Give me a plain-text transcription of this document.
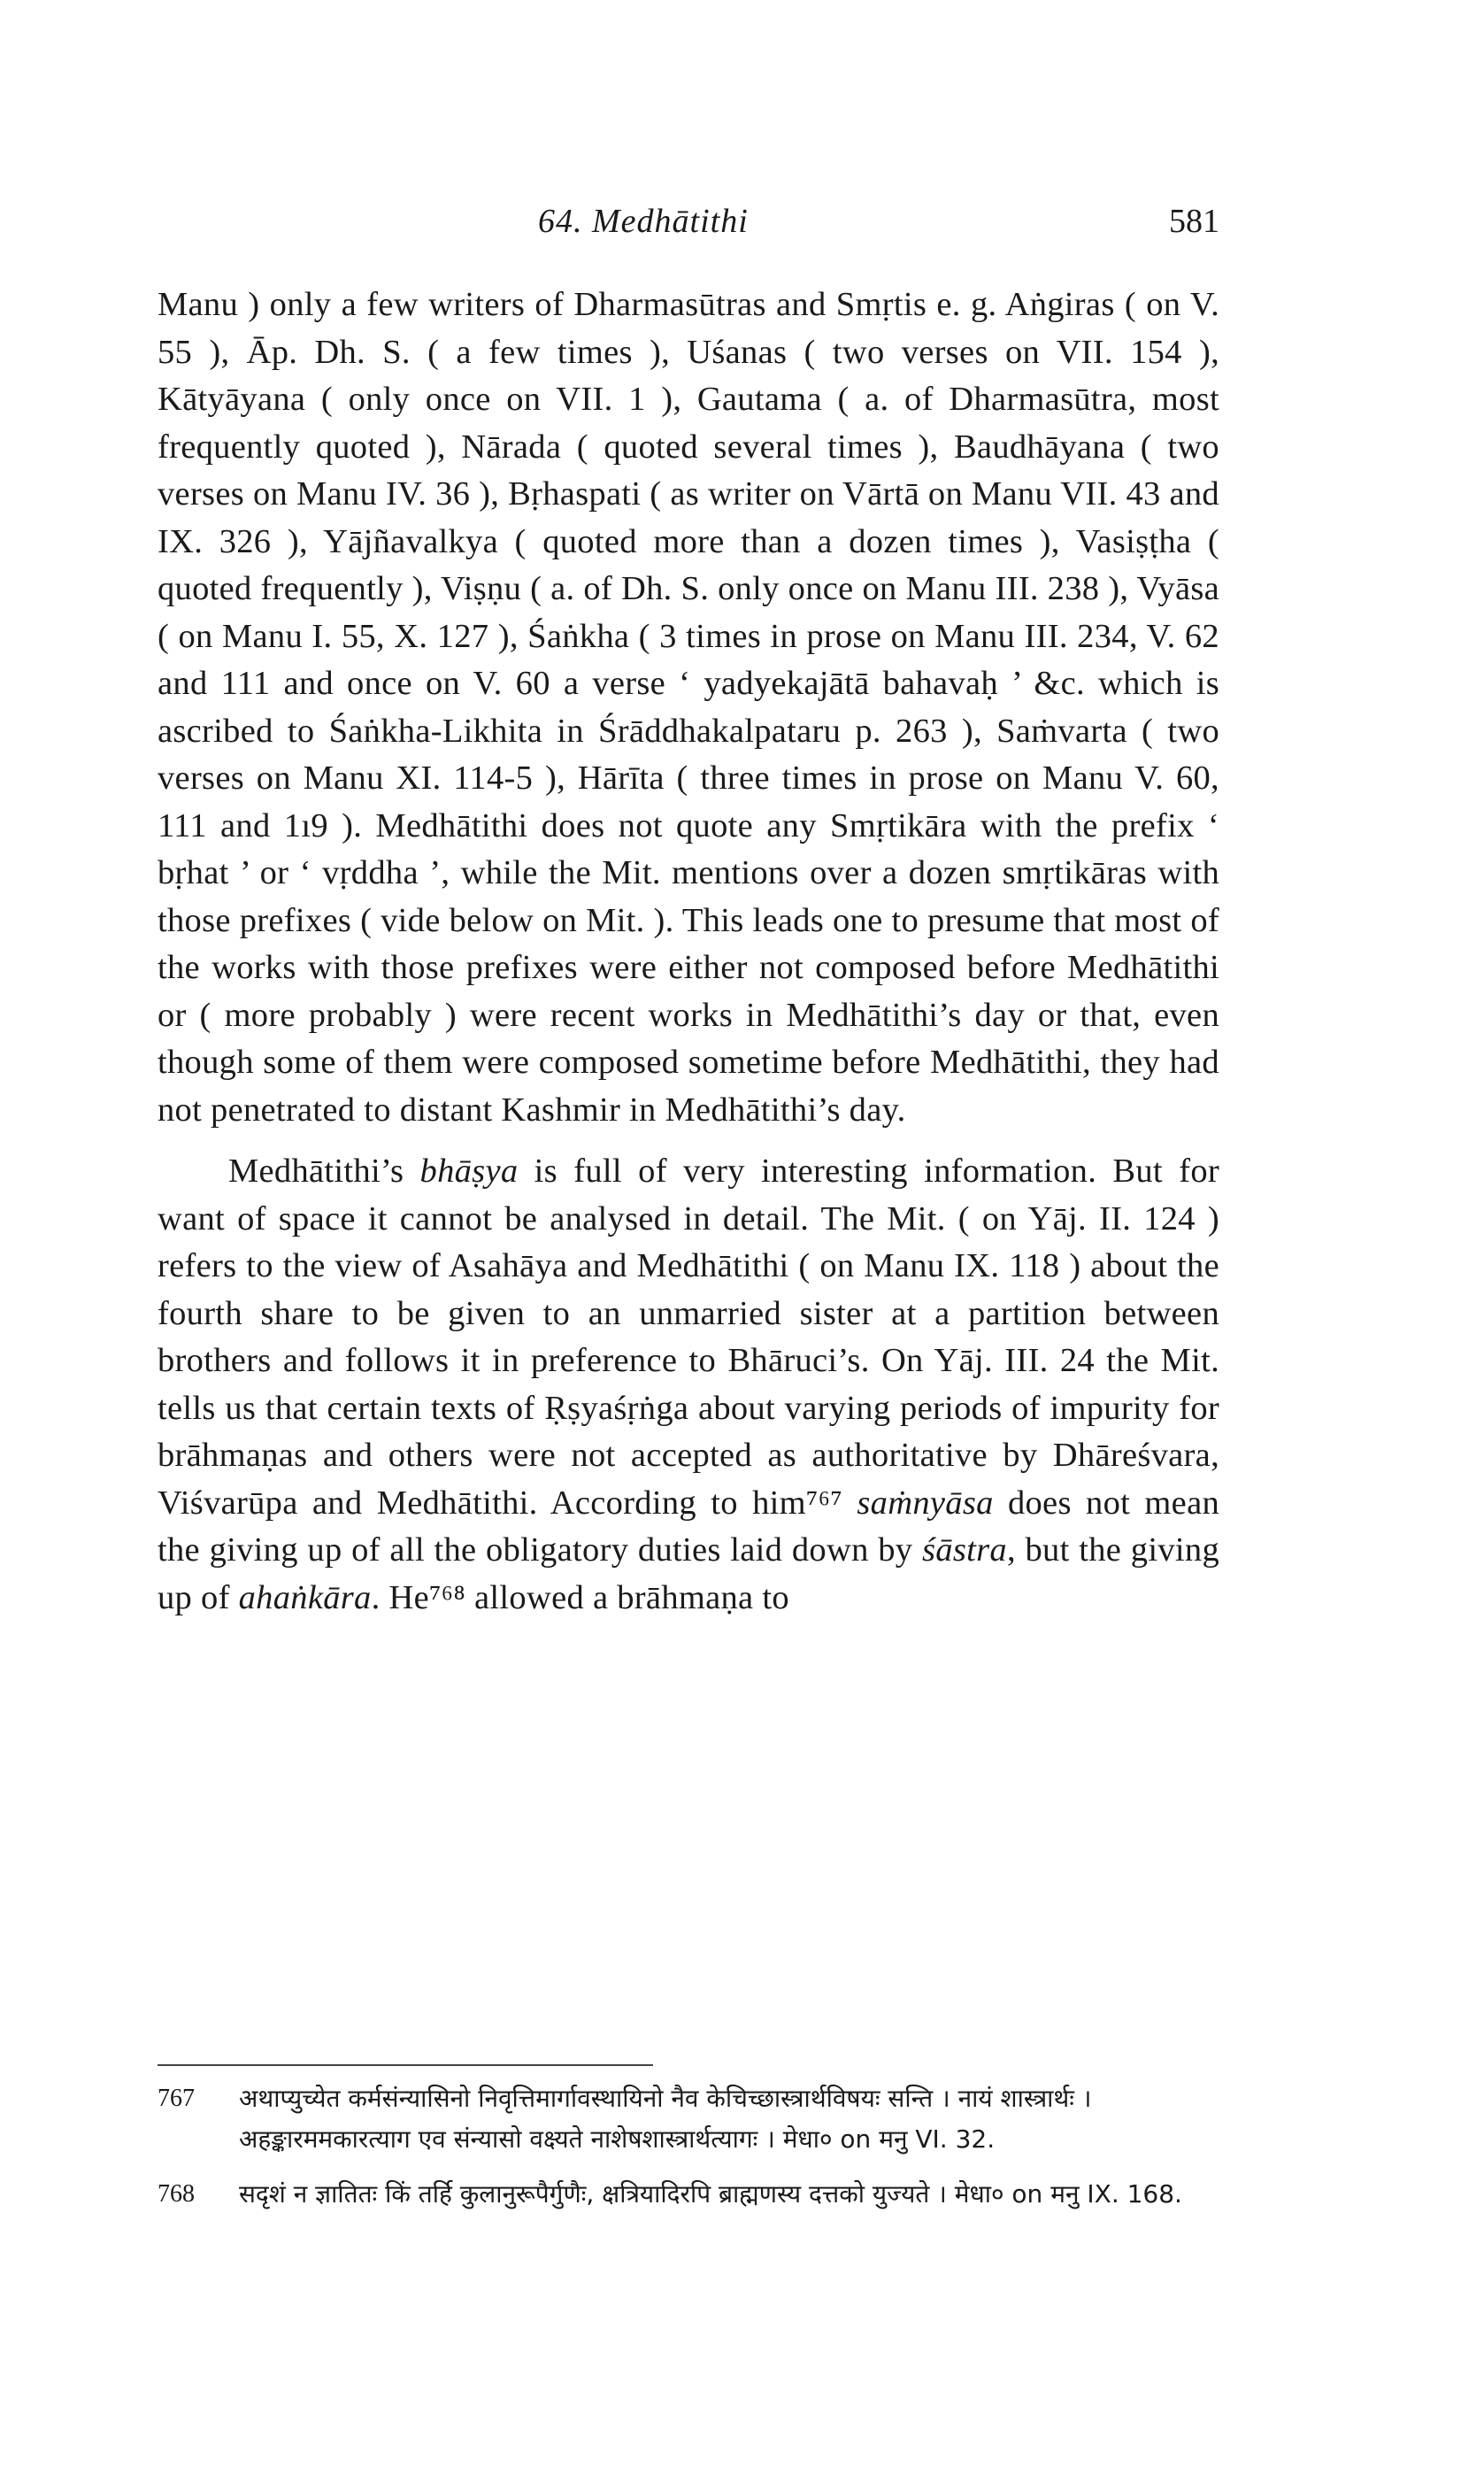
64. Medhātithi	581

Manu ) only a few writers of Dharmasūtras and Smṛtis e. g. Aṅgiras ( on V. 55 ), Āp. Dh. S. ( a few times ), Uśanas ( two verses on VII. 154 ), Kātyāyana ( only once on VII. 1 ), Gautama ( a. of Dharmasūtra, most frequently quoted ), Nārada ( quoted several times ), Baudhāyana ( two verses on Manu IV. 36 ), Bṛhaspati ( as writer on Vārtā on Manu VII. 43 and IX. 326 ), Yājñavalkya ( quoted more than a dozen times ), Vasiṣṭha ( quoted frequently ), Viṣṇu ( a. of Dh. S. only once on Manu III. 238 ), Vyāsa ( on Manu I. 55, X. 127 ), Śaṅkha ( 3 times in prose on Manu III. 234, V. 62 and 111 and once on V. 60 a verse ‘ yadyekajātā bahavaḥ ’ &c. which is ascribed to Śaṅkha-Likhita in Śrāddhakalpataru p. 263 ), Saṁvarta ( two verses on Manu XI. 114-5 ), Hārīta ( three times in prose on Manu V. 60, 111 and 1ı9 ). Medhātithi does not quote any Smṛtikāra with the prefix ‘ bṛhat ’ or ‘ vṛddha ’, while the Mit. mentions over a dozen smṛtikāras with those prefixes ( vide below on Mit. ). This leads one to presume that most of the works with those prefixes were either not composed before Medhātithi or ( more probably ) were recent works in Medhātithi’s day or that, even though some of them were composed sometime before Medhātithi, they had not penetrated to distant Kashmir in Medhātithi’s day.

Medhātithi’s bhāṣya is full of very interesting information. But for want of space it cannot be analysed in detail. The Mit. ( on Yāj. II. 124 ) refers to the view of Asahāya and Medhātithi ( on Manu IX. 118 ) about the fourth share to be given to an unmarried sister at a partition between brothers and follows it in preference to Bhāruci’s. On Yāj. III. 24 the Mit. tells us that certain texts of Ṛṣyaśṛṅga about varying periods of impurity for brāhmaṇas and others were not accepted as authoritative by Dhāreśvara, Viśvarūpa and Medhātithi. According to him⁷⁶⁷ saṁnyāsa does not mean the giving up of all the obligatory duties laid down by śāstra, but the giving up of ahaṅkāra. He⁷⁶⁸ allowed a brāhmaṇa to

767 अथाप्युच्येत कर्मसंन्यासिनो निवृत्तिमार्गावस्थायिनो नैव केचिच्छास्त्रार्थविषयः सन्ति । नायं शास्त्रार्थः । अहङ्कारममकारत्याग एव संन्यासो वक्ष्यते नाशेषशास्त्रार्थत्यागः । मेधा० on मनु VI. 32.
768 सदृशं न ज्ञातितः किं तर्हि कुलानुरूपैर्गुणैः, क्षत्रियादिरपि ब्राह्मणस्य दत्तको युज्यते । मेधा० on मनु IX. 168.
